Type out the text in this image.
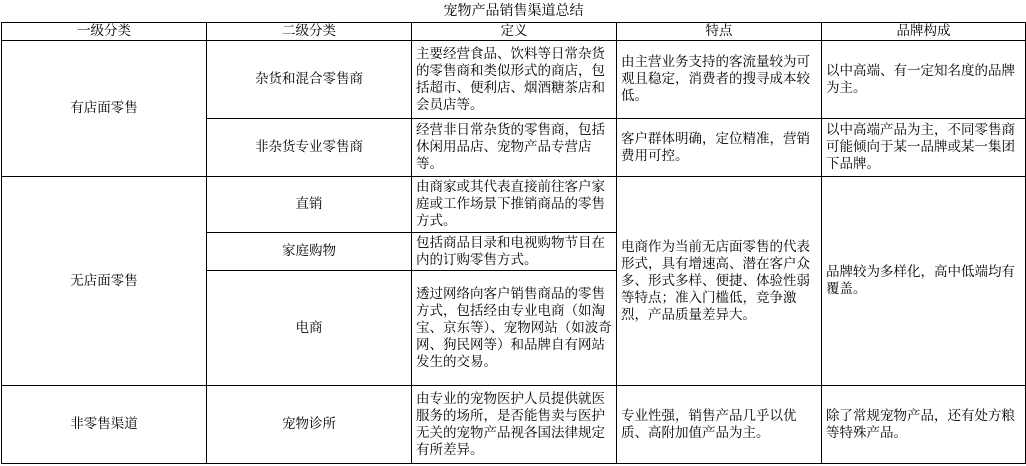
宠物产品销售渠道总结				
一级分类	二级分类	定义	特点	品牌构成
有店面零售	杂货和混合零售商	主要经营食品、饮料等日常杂货的零售商和类似形式的商店，包括超市、便利店、烟酒糖茶店和会员店等。	由主营业务支持的客流量较为可观且稳定，消费者的搜寻成本较低。	以中高端、有一定知名度的品牌为主。
	非杂货专业零售商	经营非日常杂货的零售商，包括休闲用品店、宠物产品专营店等。	客户群体明确，定位精准，营销费用可控。	以中高端产品为主，不同零售商可能倾向于某一品牌或某一集团下品牌。
无店面零售	直销	由商家或其代表直接前往客户家庭或工作场景下推销商品的零售方式。	电商作为当前无店面零售的代表形式，具有增速高、潜在客户众多、形式多样、便捷、体验性弱等特点；准入门槛低，竞争激烈，产品质量差异大。	品牌较为多样化，高中低端均有覆盖。
	家庭购物	包括商品目录和电视购物节目在内的订购零售方式。		
	电商	透过网络向客户销售商品的零售方式，包括经由专业电商（如淘宝、京东等）、宠物网站（如波奇网、狗民网等）和品牌自有网站发生的交易。		
非零售渠道	宠物诊所	由专业的宠物医护人员提供就医服务的场所，是否能售卖与医护无关的宠物产品视各国法律规定有所差异。	专业性强，销售产品几乎以优质、高附加值产品为主。	除了常规宠物产品，还有处方粮等特殊产品。
